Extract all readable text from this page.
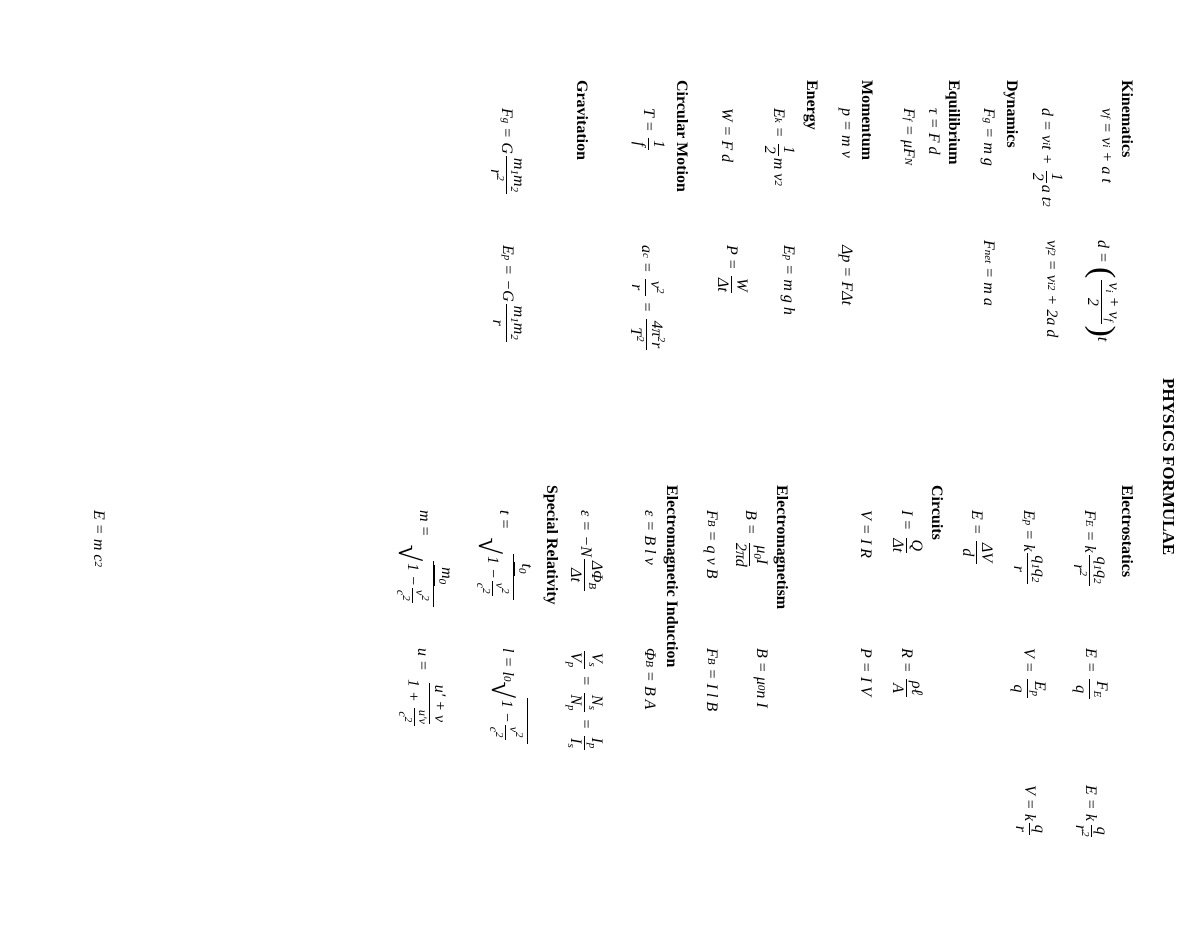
PHYSICS FORMULAE
Kinematics
v
f
=
v
i
+
a t
d
=
(
$v_i + v_f$
2
)
t
d
=
v
i
t
+
1
2
a t
2
v
f
2
=
v
i
2
+
2a d
Dynamics
F
g
=
m g
F
net
=
m a
Equilibrium
τ
=
F d
F
f
=
μF
N
Momentum
p
=
m v
Δp
=
FΔt
Energy
E
k
=
1
2
m v
2
E
p
=
m g h
W
=
F d
P
=
W
Δt
Circular Motion
T
=
1
f
a
c
=
$v^2$
r
=
$4\pi^2r$
$T^2$
Gravitation
F
g
=
G
$m_1m_2$
$r^2$
E
p
=
−G
$m_1m_2$
r
Electrostatics
F
E
=
k
$q_1q_2$
$r^2$
E
=
$F_E$
q
E
=
k
q
$r^2$
E
p
=
k
$q_1q_2$
r
V
=
$E_p$
q
V
=
k
q
r
E
=
ΔV
d
Circuits
I
=
Q
Δt
R
=
ρℓ
A
V
=
I R
P
=
I V
Electromagnetism
B
=
$\mu_0I$
2πd
B
=
μ
0
n I
F
B
=
q v B
F
B
=
I l B
Electromagnetic Induction
ε
=
B l v
Φ
B
=
B A
ε
=
−N
$\Delta\Phi_B$
Δt
$V_s$
$V_p$
=
$N_s$
$N_p$
=
$I_p$
$I_s$
Special Relativity
t
=
$t_0$
√
1 −
$v^2$
$c^2$
l
=
l
0
√
1 −
$v^2$
$c^2$
m
=
$m_0$
√
1 −
$v^2$
$c^2$
u
=
u′ + v
1 +
u′v
$c^2$
E
=
m c
2
